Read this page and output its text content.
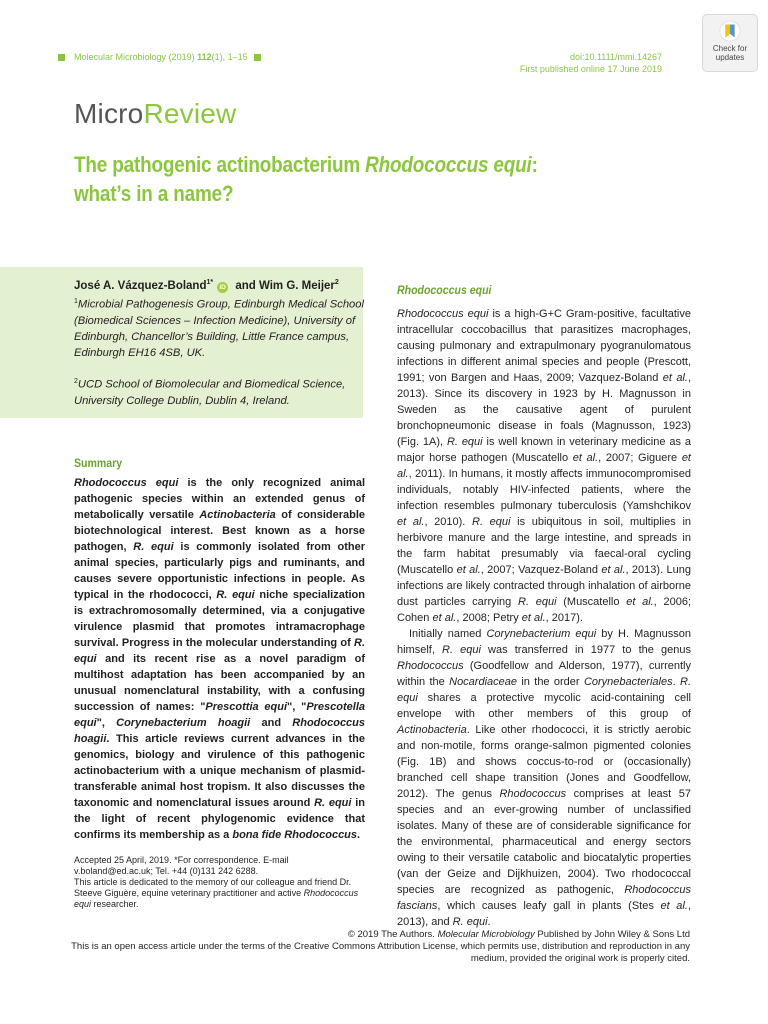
Molecular Microbiology (2019) 112(1), 1–15	doi:10.1111/mmi.14267
First published online 17 June 2019
Check for
updates
MicroReview
The pathogenic actinobacterium Rhodococcus equi:
what’s in a name?
José A. Vázquez-Boland$^{1*}$iD and Wim G. Meijer$^2$
$^1$Microbial Pathogenesis Group, Edinburgh Medical School (Biomedical Sciences – Infection Medicine), University of Edinburgh, Chancellor’s Building, Little France campus, Edinburgh EH16 4SB, UK.
$^2$UCD School of Biomolecular and Biomedical Science, University College Dublin, Dublin 4, Ireland.
Summary
Rhodococcus equi is the only recognized animal pathogenic species within an extended genus of metabolically versatile Actinobacteria of considerable biotechnological interest. Best known as a horse pathogen, R. equi is commonly isolated from other animal species, particularly pigs and ruminants, and causes severe opportunistic infections in people. As typical in the rhodococci, R. equi niche specialization is extrachromosomally determined, via a conjugative virulence plasmid that promotes intramacrophage survival. Progress in the molecular understanding of R. equi and its recent rise as a novel paradigm of multihost adaptation has been accompanied by an unusual nomenclatural instability, with a confusing succession of names: "Prescottia equi", "Prescotella equi", Corynebacterium hoagii and Rhodococcus hoagii. This article reviews current advances in the genomics, biology and virulence of this pathogenic actinobacterium with a unique mechanism of plasmid-transferable animal host tropism. It also discusses the taxonomic and nomenclatural issues around R. equi in the light of recent phylogenomic evidence that confirms its membership as a bona fide Rhodococcus.
Accepted 25 April, 2019. *For correspondence. E-mail v.boland@ed.ac.uk; Tel. +44 (0)131 242 6288.
This article is dedicated to the memory of our colleague and friend Dr. Steeve Giguère, equine veterinary practitioner and active Rhodococcus equi researcher.
Rhodococcus equi

Rhodococcus equi is a high-G+C Gram-positive, facultative intracellular coccobacillus that parasitizes macrophages, causing pulmonary and extrapulmonary pyogranulomatous infections in different animal species and people (Prescott, 1991; von Bargen and Haas, 2009; Vazquez-Boland et al., 2013). Since its discovery in 1923 by H. Magnusson in Sweden as the causative agent of purulent bronchopneumonic disease in foals (Magnusson, 1923) (Fig. 1A), R. equi is well known in veterinary medicine as a major horse pathogen (Muscatello et al., 2007; Giguere et al., 2011). In humans, it mostly affects immunocompromised individuals, notably HIV-infected patients, where the infection resembles pulmonary tuberculosis (Yamshchikov et al., 2010). R. equi is ubiquitous in soil, multiplies in herbivore manure and the large intestine, and spreads in the farm habitat presumably via faecal-oral cycling (Muscatello et al., 2007; Vazquez-Boland et al., 2013). Lung infections are likely contracted through inhalation of airborne dust particles carrying R. equi (Muscatello et al., 2006; Cohen et al., 2008; Petry et al., 2017).

Initially named Corynebacterium equi by H. Magnusson himself, R. equi was transferred in 1977 to the genus Rhodococcus (Goodfellow and Alderson, 1977), currently within the Nocardiaceae in the order Corynebacteriales. R. equi shares a protective mycolic acid-containing cell envelope with other members of this group of Actinobacteria. Like other rhodococci, it is strictly aerobic and non-motile, forms orange-salmon pigmented colonies (Fig. 1B) and shows coccus-to-rod or (occasionally) branched cell shape transition (Jones and Goodfellow, 2012). The genus Rhodococcus comprises at least 57 species and an ever-growing number of unclassified isolates. Many of these are of considerable significance for the environmental, pharmaceutical and energy sectors owing to their versatile catabolic and biocatalytic properties (van der Geize and Dijkhuizen, 2004). Two rhodococcal species are recognized as pathogenic, Rhodococcus fascians, which causes leafy gall in plants (Stes et al., 2013), and R. equi.

© 2019 The Authors. Molecular Microbiology Published by John Wiley & Sons Ltd
This is an open access article under the terms of the Creative Commons Attribution License, which permits use, distribution and reproduction in any medium, provided the original work is properly cited.
